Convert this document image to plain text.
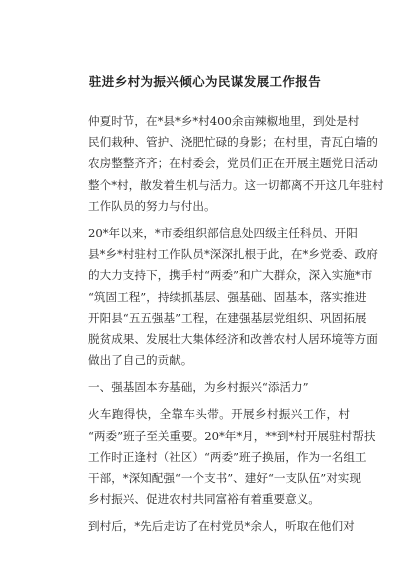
驻进乡村为振兴倾心为民谋发展工作报告
仲夏时节，在*县*乡*村400余亩辣椒地里，到处是村
民们栽种、管护、浇肥忙碌的身影；在村里，青瓦白墙的
农房整整齐齐；在村委会，党员们正在开展主题党日活动
整个*村，散发着生机与活力。这一切都离不开这几年驻村
工作队员的努力与付出。
20*年以来，*市委组织部信息处四级主任科员、开阳
县*乡*村驻村工作队员*深深扎根于此，在*乡党委、政府
的大力支持下，携手村“两委”和广大群众，深入实施*市
“筑固工程”，持续抓基层、强基础、固基本，落实推进
开阳县“五五强基”工程，在建强基层党组织、巩固拓展
脱贫成果、发展壮大集体经济和改善农村人居环境等方面
做出了自己的贡献。
一、强基固本夯基础，为乡村振兴“添活力”
火车跑得快，全靠车头带。开展乡村振兴工作，村
“两委”班子至关重要。20*年*月，**到*村开展驻村帮扶
工作时正逢村（社区）“两委”班子换届，作为一名组工
干部，*深知配强“一个支书”、建好“一支队伍”对实现
乡村振兴、促进农村共同富裕有着重要意义。
到村后，*先后走访了在村党员*余人，听取在他们对
